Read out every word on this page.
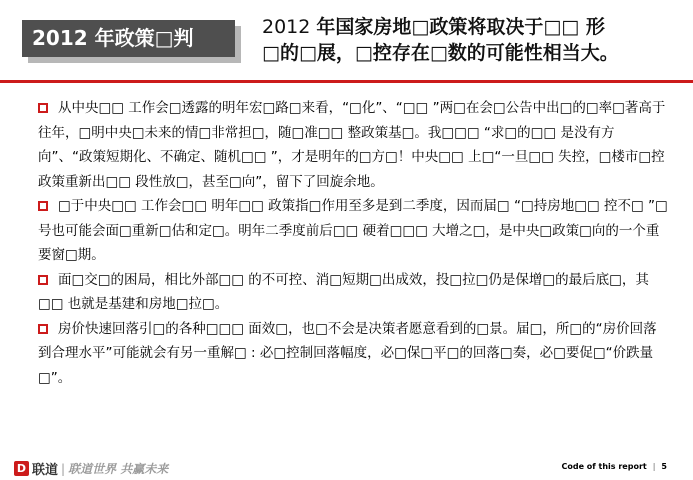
2012 年政策□判	2012 年国家房地□政策将取决于□□ 形
□的□展，□控存在□数的可能性相当大。

从中央□□ 工作会□透露的明年宏□路□来看，“□化”、“□□ ”两□在会□公告中出□的□率□著高于往年，□明中央□未来的情□非常担□，随□准□□ 整政策基□。我□□□ “求□的□□ 是没有方向”、“政策短期化、不确定、随机□□ ”，才是明年的□方□！中央□□ 上□“一旦□□ 失控，□楼市□控政策重新出□□ 段性放□，甚至□向”，留下了回旋余地。

□于中央□□ 工作会□□ 明年□□ 政策指□作用至多是到二季度，因而届□ “□持房地□□ 控不□ ”□号也可能会面□重新□估和定□。明年二季度前后□□ 硬着□□□ 大增之□，是中央□政策□向的一个重要窗□期。

面□交□的困局，相比外部□□ 的不可控、消□短期□出成效，投□拉□仍是保增□的最后底□，其□□ 也就是基建和房地□拉□。

房价快速回落引□的各种□□□ 面效□，也□不会是决策者愿意看到的□景。届□，所□的“房价回落到合理水平”可能就会有另一重解□ : 必□控制回落幅度，必□保□平□的回落□奏，必□要促□“价跌量□”。

D 联道 | 联道世界 共赢未来	Code of this report | 5
